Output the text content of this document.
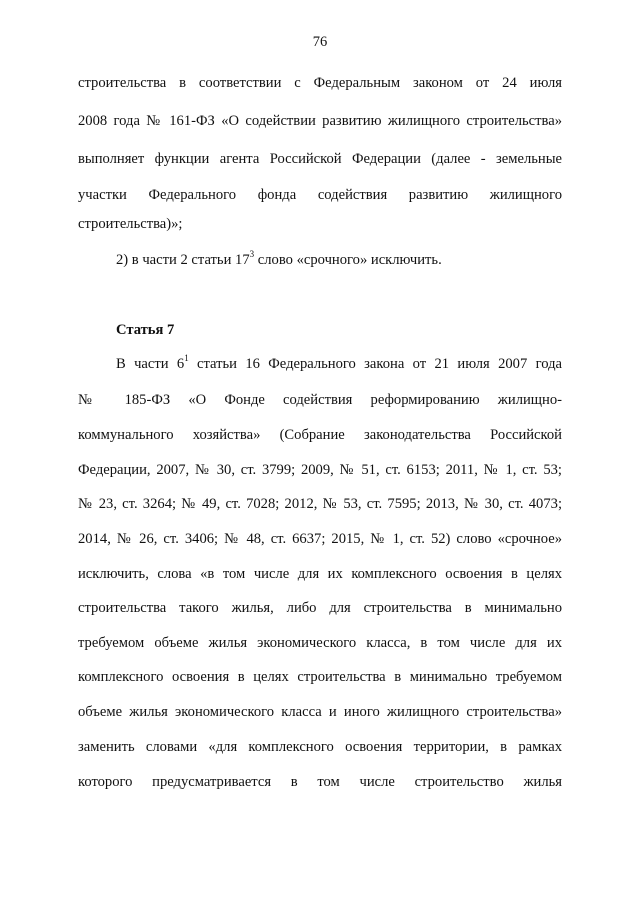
76
строительства в соответствии с Федеральным законом от 24 июля
2008 года № 161-ФЗ «О содействии развитию жилищного строительства»
выполняет функции агента Российской Федерации (далее - земельные
участки Федерального фонда содействия развитию жилищного
строительства)»;
2) в части 2 статьи $17^3$ слово «срочного» исключить.
Статья 7
В части $6^1$ статьи 16 Федерального закона от 21 июля 2007 года
№ 185-ФЗ «О Фонде содействия реформированию жилищно-
коммунального хозяйства» (Собрание законодательства Российской
Федерации, 2007, № 30, ст. 3799; 2009, № 51, ст. 6153; 2011, № 1, ст. 53;
№ 23, ст. 3264; № 49, ст. 7028; 2012, № 53, ст. 7595; 2013, № 30, ст. 4073;
2014, № 26, ст. 3406; № 48, ст. 6637; 2015, № 1, ст. 52) слово «срочное»
исключить, слова «в том числе для их комплексного освоения в целях
строительства такого жилья, либо для строительства в минимально
требуемом объеме жилья экономического класса, в том числе для их
комплексного освоения в целях строительства в минимально требуемом
объеме жилья экономического класса и иного жилищного строительства»
заменить словами «для комплексного освоения территории, в рамках
которого предусматривается в том числе строительство жилья
